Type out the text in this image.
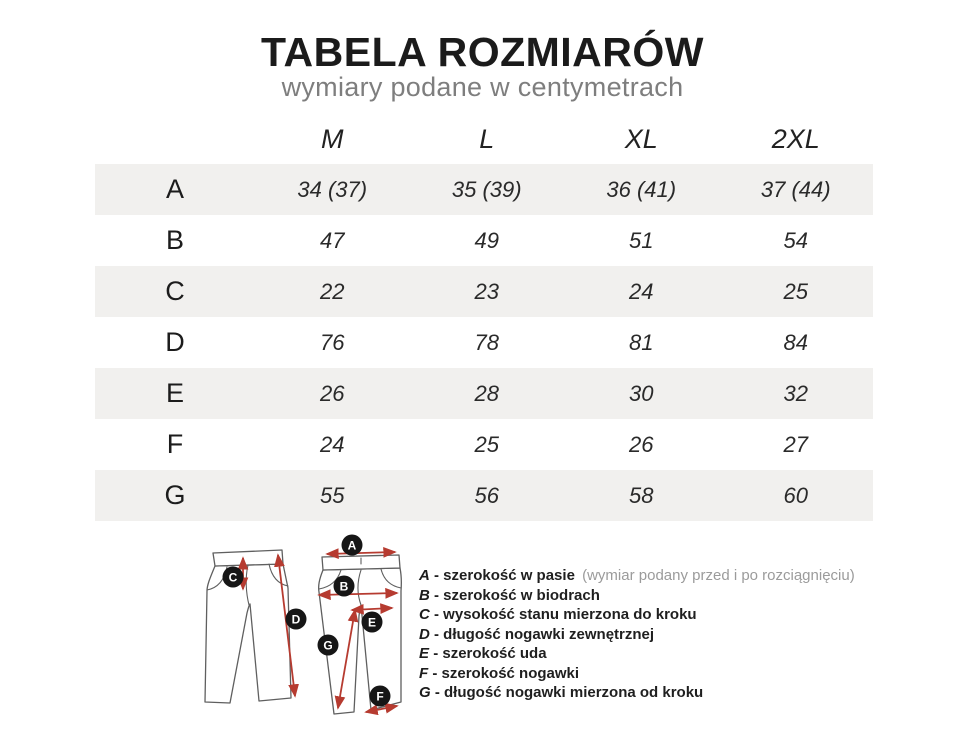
TABELA ROZMIARÓW
wymiary podane w centymetrach
	M	L	XL	2XL
A	34 (37)	35 (39)	36 (41)	37 (44)
B	47	49	51	54
C	22	23	24	25
D	76	78	81	84
E	26	28	30	32
F	24	25	26	27
G	55	56	58	60
A
B
C
D	E
F
G
A - szerokość w pasie (wymiar podany przed i po rozciągnięciu)
B - szerokość w biodrach
C - wysokość stanu mierzona do kroku
D - długość nogawki zewnętrznej
E - szerokość uda
F - szerokość nogawki
G - długość nogawki mierzona od kroku
